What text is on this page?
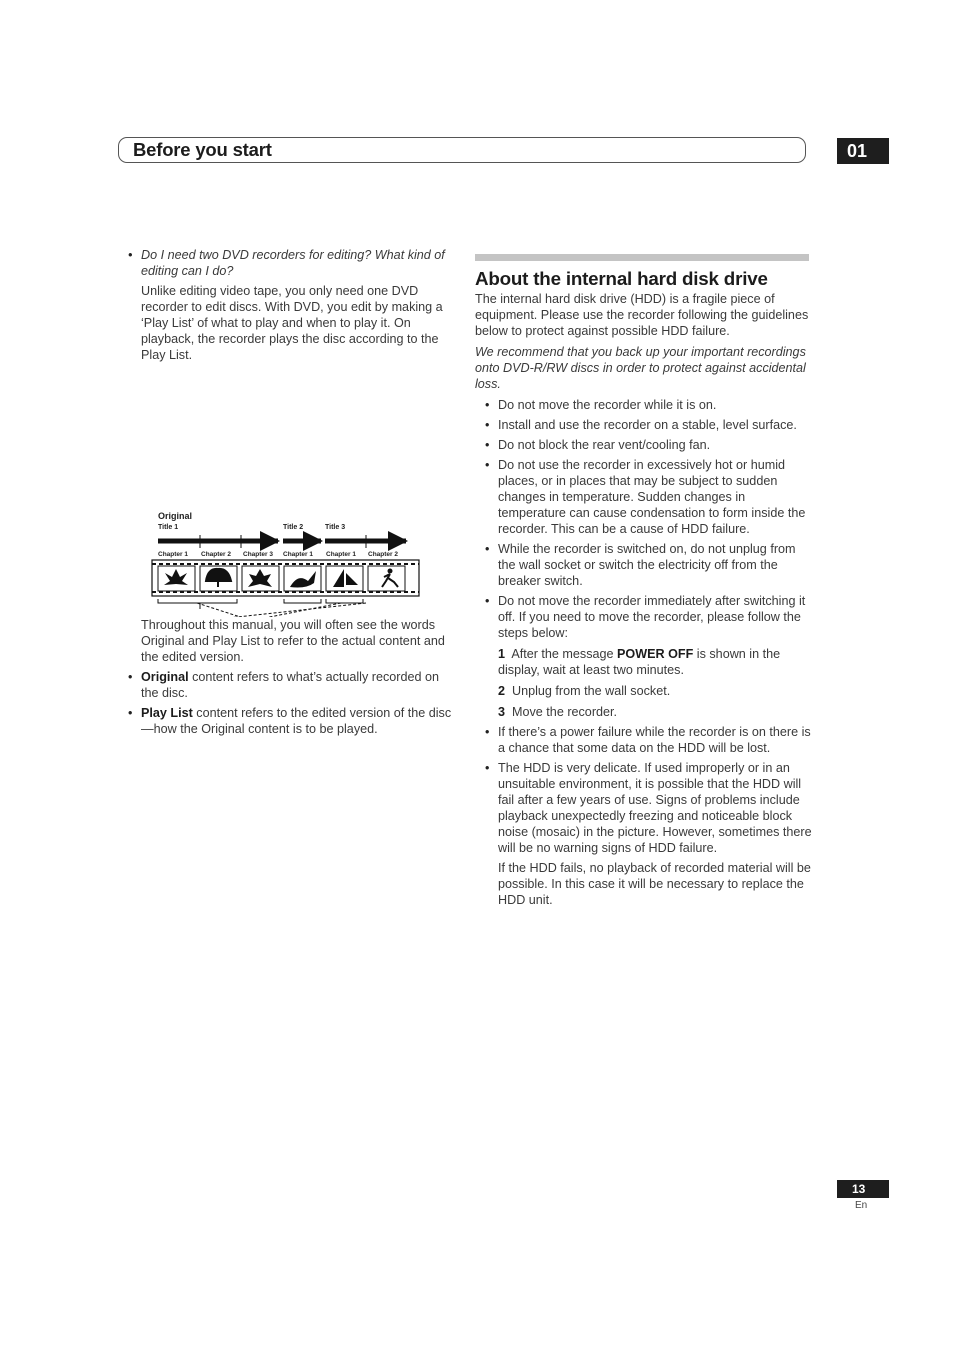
Before you start	01

• Do I need two DVD recorders for editing? What kind of editing can I do?

Unlike editing video tape, you only need one DVD recorder to edit discs. With DVD, you edit by making a ‘Play List’ of what to play and when to play it. On playback, the recorder plays the disc according to the Play List.

Original
Title 1	Title 2	Title 3
Chapter 1 Chapter 2 Chapter 3 Chapter 1 Chapter 1 Chapter 2

Throughout this manual, you will often see the words Original and Play List to refer to the actual content and the edited version.

• Original content refers to what’s actually recorded on the disc.

• Play List content refers to the edited version of the disc—how the Original content is to be played.

About the internal hard disk drive

The internal hard disk drive (HDD) is a fragile piece of equipment. Please use the recorder following the guidelines below to protect against possible HDD failure.

We recommend that you back up your important recordings onto DVD-R/RW discs in order to protect against accidental loss.

• Do not move the recorder while it is on.

• Install and use the recorder on a stable, level surface.

• Do not block the rear vent/cooling fan.

• Do not use the recorder in excessively hot or humid places, or in places that may be subject to sudden changes in temperature. Sudden changes in temperature can cause condensation to form inside the recorder. This can be a cause of HDD failure.

• While the recorder is switched on, do not unplug from the wall socket or switch the electricity off from the breaker switch.

• Do not move the recorder immediately after switching it off. If you need to move the recorder, please follow the steps below:

1 After the message POWER OFF is shown in the display, wait at least two minutes.

2 Unplug from the wall socket.

3 Move the recorder.

• If there’s a power failure while the recorder is on there is a chance that some data on the HDD will be lost.

• The HDD is very delicate. If used improperly or in an unsuitable environment, it is possible that the HDD will fail after a few years of use. Signs of problems include playback unexpectedly freezing and noticeable block noise (mosaic) in the picture. However, sometimes there will be no warning signs of HDD failure.

If the HDD fails, no playback of recorded material will be possible. In this case it will be necessary to replace the HDD unit.

13
En
